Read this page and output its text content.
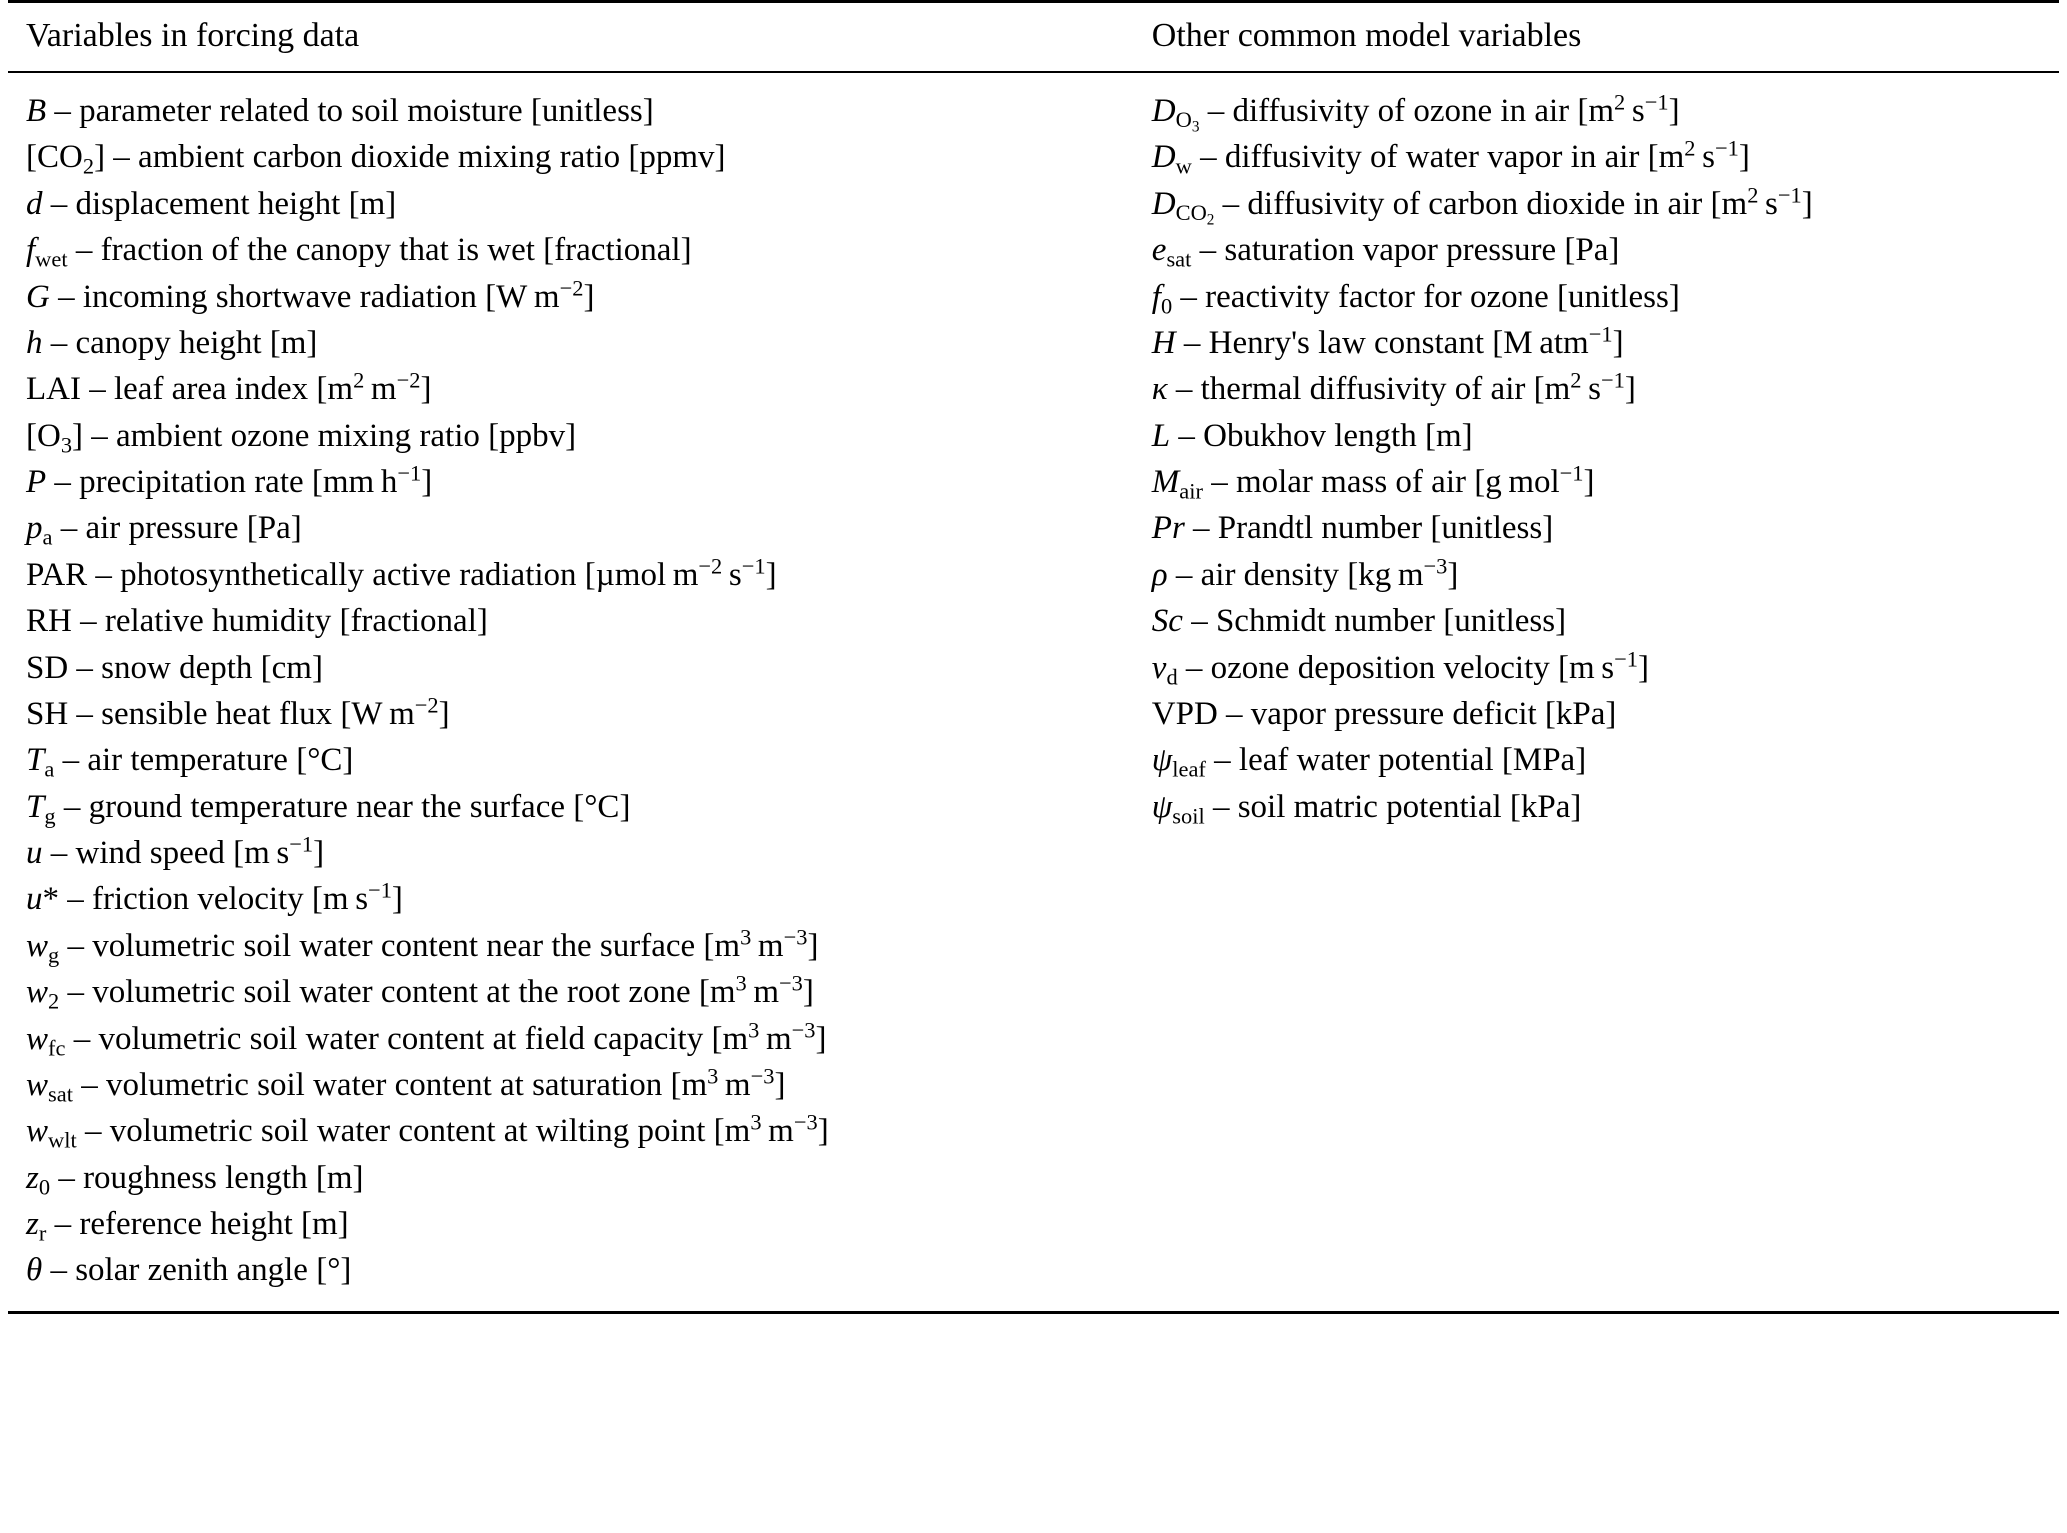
Variables in forcing data	Other common model variables

B – parameter related to soil moisture [unitless]
$[CO_2]$ – ambient carbon dioxide mixing ratio [ppmv]
d – displacement height [m]
$f_{wet}$ – fraction of the canopy that is wet [fractional]
G – incoming shortwave radiation [W $m^{-2}$]
h – canopy height [m]
LAI – leaf area index [$m^2$ $m^{-2}$]
$[O_3]$ – ambient ozone mixing ratio [ppbv]
P – precipitation rate [mm $h^{-1}$]
$p_a$ – air pressure [Pa]
PAR – photosynthetically active radiation [µmol $m^{-2}$ $s^{-1}$]
RH – relative humidity [fractional]
SD – snow depth [cm]
SH – sensible heat flux [W $m^{-2}$]
$T_a$ – air temperature [°C]
$T_g$ – ground temperature near the surface [°C]
u – wind speed [m $s^{-1}$]
u* – friction velocity [m $s^{-1}$]
$w_g$ – volumetric soil water content near the surface [$m^3$ $m^{-3}$]
$w_2$ – volumetric soil water content at the root zone [$m^3$ $m^{-3}$]
$w_{fc}$ – volumetric soil water content at field capacity [$m^3$ $m^{-3}$]
$w_{sat}$ – volumetric soil water content at saturation [$m^3$ $m^{-3}$]
$w_{wlt}$ – volumetric soil water content at wilting point [$m^3$ $m^{-3}$]
$z_0$ – roughness length [m]
$z_r$ – reference height [m]
θ – solar zenith angle [°]

$D_{O_3}$ – diffusivity of ozone in air [$m^2$ $s^{-1}$]
$D_w$ – diffusivity of water vapor in air [$m^2$ $s^{-1}$]
$D_{CO_2}$ – diffusivity of carbon dioxide in air [$m^2$ $s^{-1}$]
$e_{sat}$ – saturation vapor pressure [Pa]
$f_0$ – reactivity factor for ozone [unitless]
H – Henry's law constant [M atm$^{-1}$]
κ – thermal diffusivity of air [$m^2$ $s^{-1}$]
L – Obukhov length [m]
$M_{air}$ – molar mass of air [g mol$^{-1}$]
Pr – Prandtl number [unitless]
ρ – air density [kg $m^{-3}$]
Sc – Schmidt number [unitless]
$v_d$ – ozone deposition velocity [m $s^{-1}$]
VPD – vapor pressure deficit [kPa]
$\psi_{leaf}$ – leaf water potential [MPa]
$\psi_{soil}$ – soil matric potential [kPa]
